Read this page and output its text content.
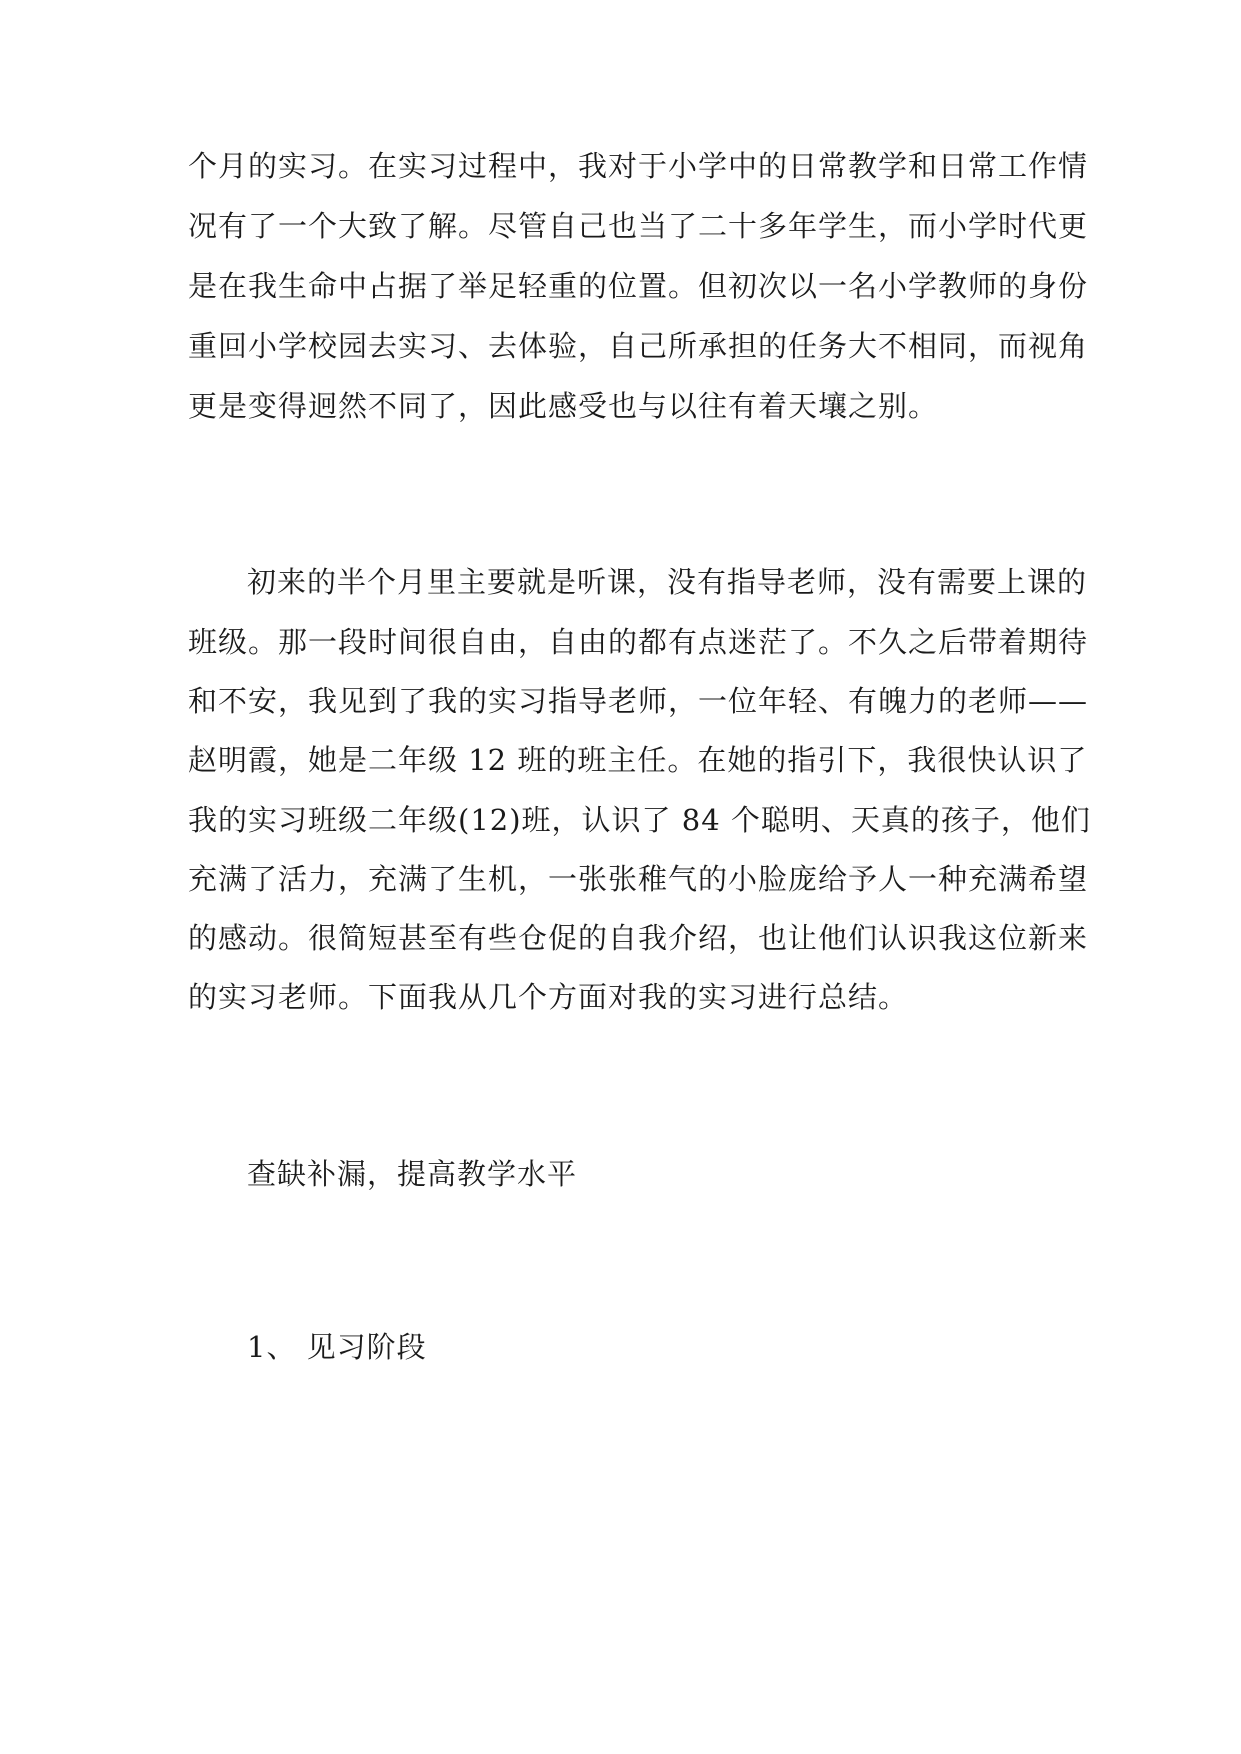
个月的实习。在实习过程中，我对于小学中的日常教学和日常工作情
况有了一个大致了解。尽管自己也当了二十多年学生，而小学时代更
是在我生命中占据了举足轻重的位置。但初次以一名小学教师的身份
重回小学校园去实习、去体验，自己所承担的任务大不相同，而视角
更是变得迥然不同了，因此感受也与以往有着天壤之别。
初来的半个月里主要就是听课，没有指导老师，没有需要上课的
班级。那一段时间很自由，自由的都有点迷茫了。不久之后带着期待
和不安，我见到了我的实习指导老师，一位年轻、有魄力的老师——
赵明霞，她是二年级 12 班的班主任。在她的指引下，我很快认识了
我的实习班级二年级(12)班，认识了 84 个聪明、天真的孩子，他们
充满了活力，充满了生机，一张张稚气的小脸庞给予人一种充满希望
的感动。很简短甚至有些仓促的自我介绍，也让他们认识我这位新来
的实习老师。下面我从几个方面对我的实习进行总结。
查缺补漏，提高教学水平
1、 见习阶段
